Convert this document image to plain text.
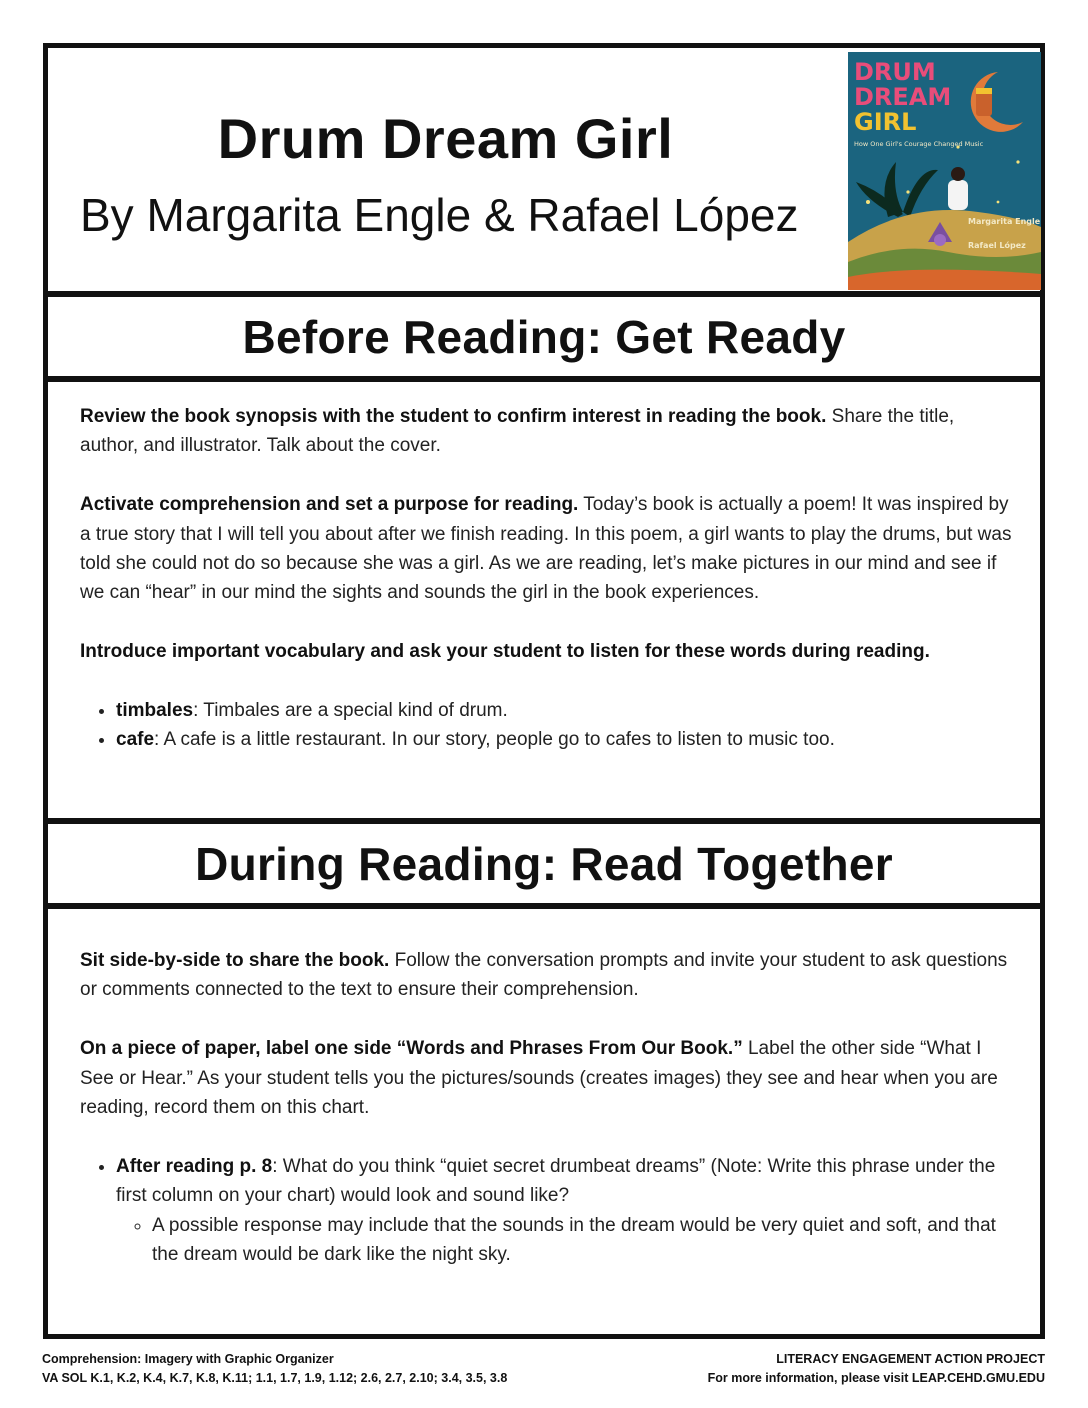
Drum Dream Girl
By Margarita Engle & Rafael López
DRUM
DREAM
GIRL
How One Girl's Courage Changed Music
Margarita Engle
Rafael López
Before Reading: Get Ready

Review the book synopsis with the student to confirm interest in reading the book. Share the title, author, and illustrator. Talk about the cover.

Activate comprehension and set a purpose for reading. Today’s book is actually a poem! It was inspired by a true story that I will tell you about after we finish reading. In this poem, a girl wants to play the drums, but was told she could not do so because she was a girl. As we are reading, let’s make pictures in our mind and see if we can “hear” in our mind the sights and sounds the girl in the book experiences.

Introduce important vocabulary and ask your student to listen for these words during reading.

• timbales: Timbales are a special kind of drum.
• cafe: A cafe is a little restaurant. In our story, people go to cafes to listen to music too.
During Reading: Read Together

Sit side-by-side to share the book. Follow the conversation prompts and invite your student to ask questions or comments connected to the text to ensure their comprehension.

On a piece of paper, label one side “Words and Phrases From Our Book.” Label the other side “What I See or Hear.” As your student tells you the pictures/sounds (creates images) they see and hear when you are reading, record them on this chart.

• After reading p. 8: What do you think “quiet secret drumbeat dreams” (Note: Write this phrase under the first column on your chart) would look and sound like?
◦ A possible response may include that the sounds in the dream would be very quiet and soft, and that the dream would be dark like the night sky.
Comprehension: Imagery with Graphic Organizer
VA SOL K.1, K.2, K.4, K.7, K.8, K.11; 1.1, 1.7, 1.9, 1.12; 2.6, 2.7, 2.10; 3.4, 3.5, 3.8
LITERACY ENGAGEMENT ACTION PROJECT
For more information, please visit LEAP.CEHD.GMU.EDU
